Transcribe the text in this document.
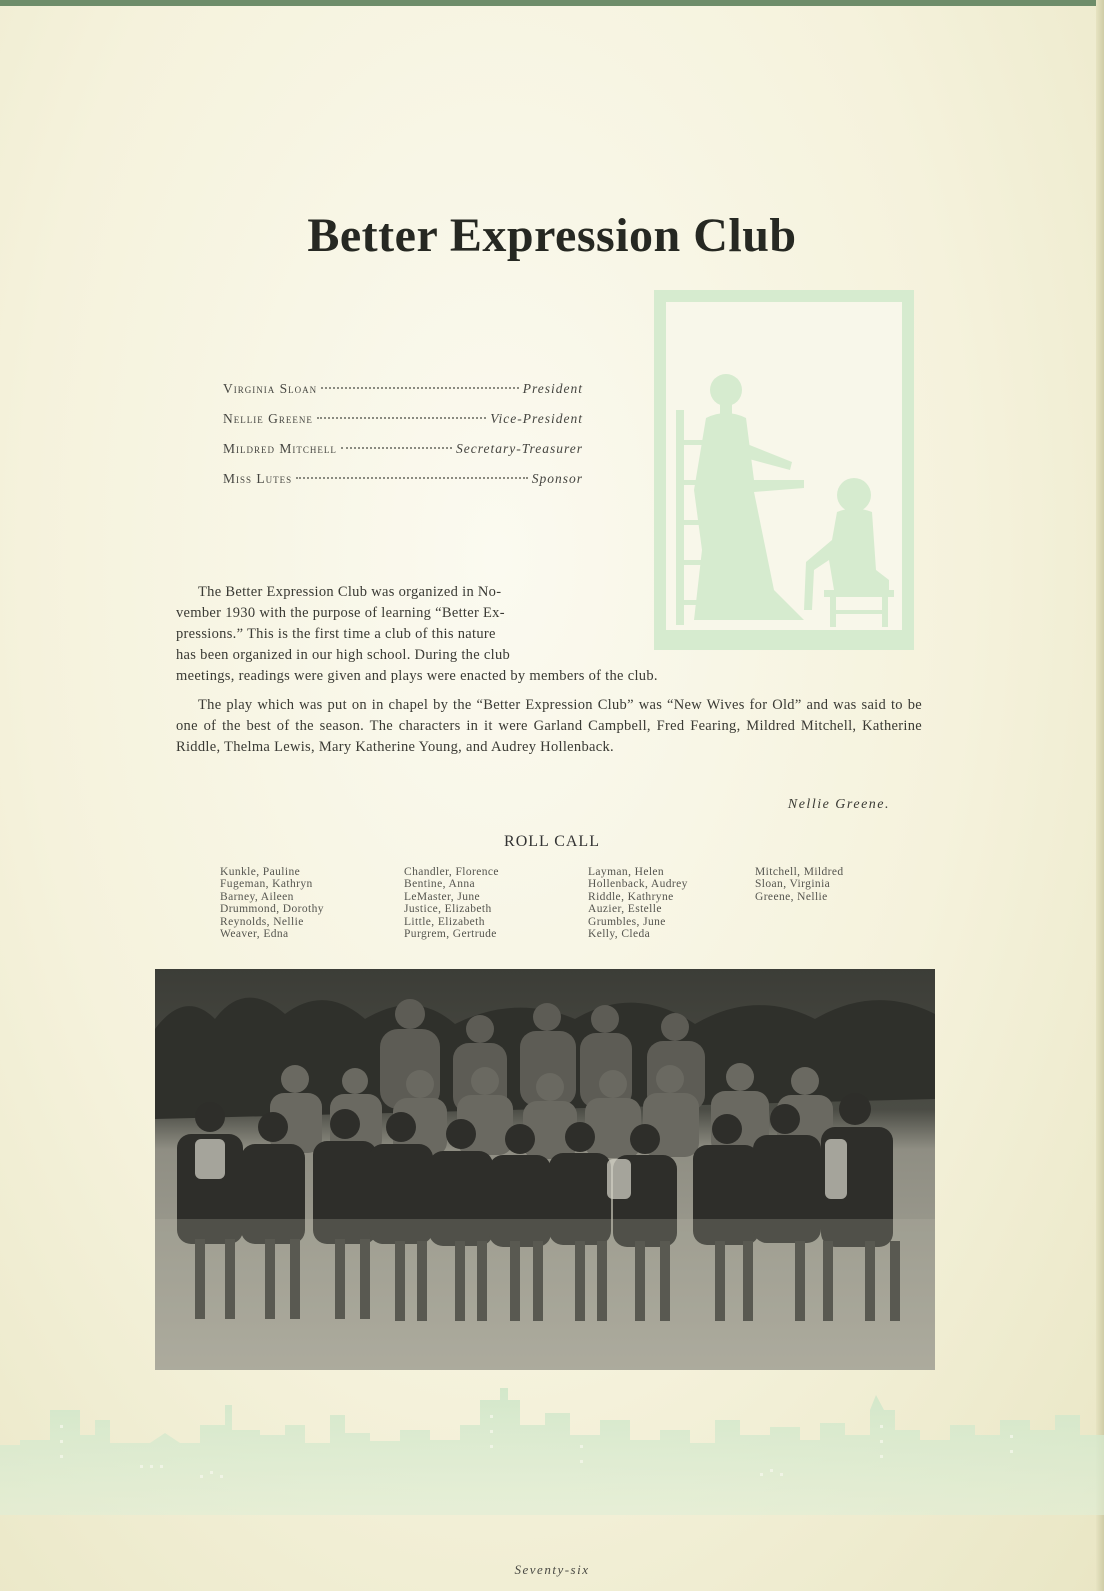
Better Expression Club
Virginia Sloan	President
Nellie Greene	Vice-President
Mildred Mitchell	Secretary-Treasurer
Miss Lutes	Sponsor
The Better Expression Club was organized in No-
vember 1930 with the purpose of learning “Better Ex-
pressions.” This is the first time a club of this nature
has been organized in our high school. During the club
meetings, readings were given and plays were enacted by members of the club.
The play which was put on in chapel by the “Better Expression Club” was “New Wives for Old” and was said to be one of the best of the season. The characters in it were Garland Campbell, Fred Fearing, Mildred Mitchell, Katherine Riddle, Thelma Lewis, Mary Katherine Young, and Audrey Hollenback.
Nellie Greene.
ROLL CALL
Kunkle, Pauline
Fugeman, Kathryn
Barney, Aileen
Drummond, Dorothy
Reynolds, Nellie
Weaver, Edna
Chandler, Florence
Bentine, Anna
LeMaster, June
Justice, Elizabeth
Little, Elizabeth
Purgrem, Gertrude
Layman, Helen
Hollenback, Audrey
Riddle, Kathryne
Auzier, Estelle
Grumbles, June
Kelly, Cleda
Mitchell, Mildred
Sloan, Virginia
Greene, Nellie
Seventy-six
